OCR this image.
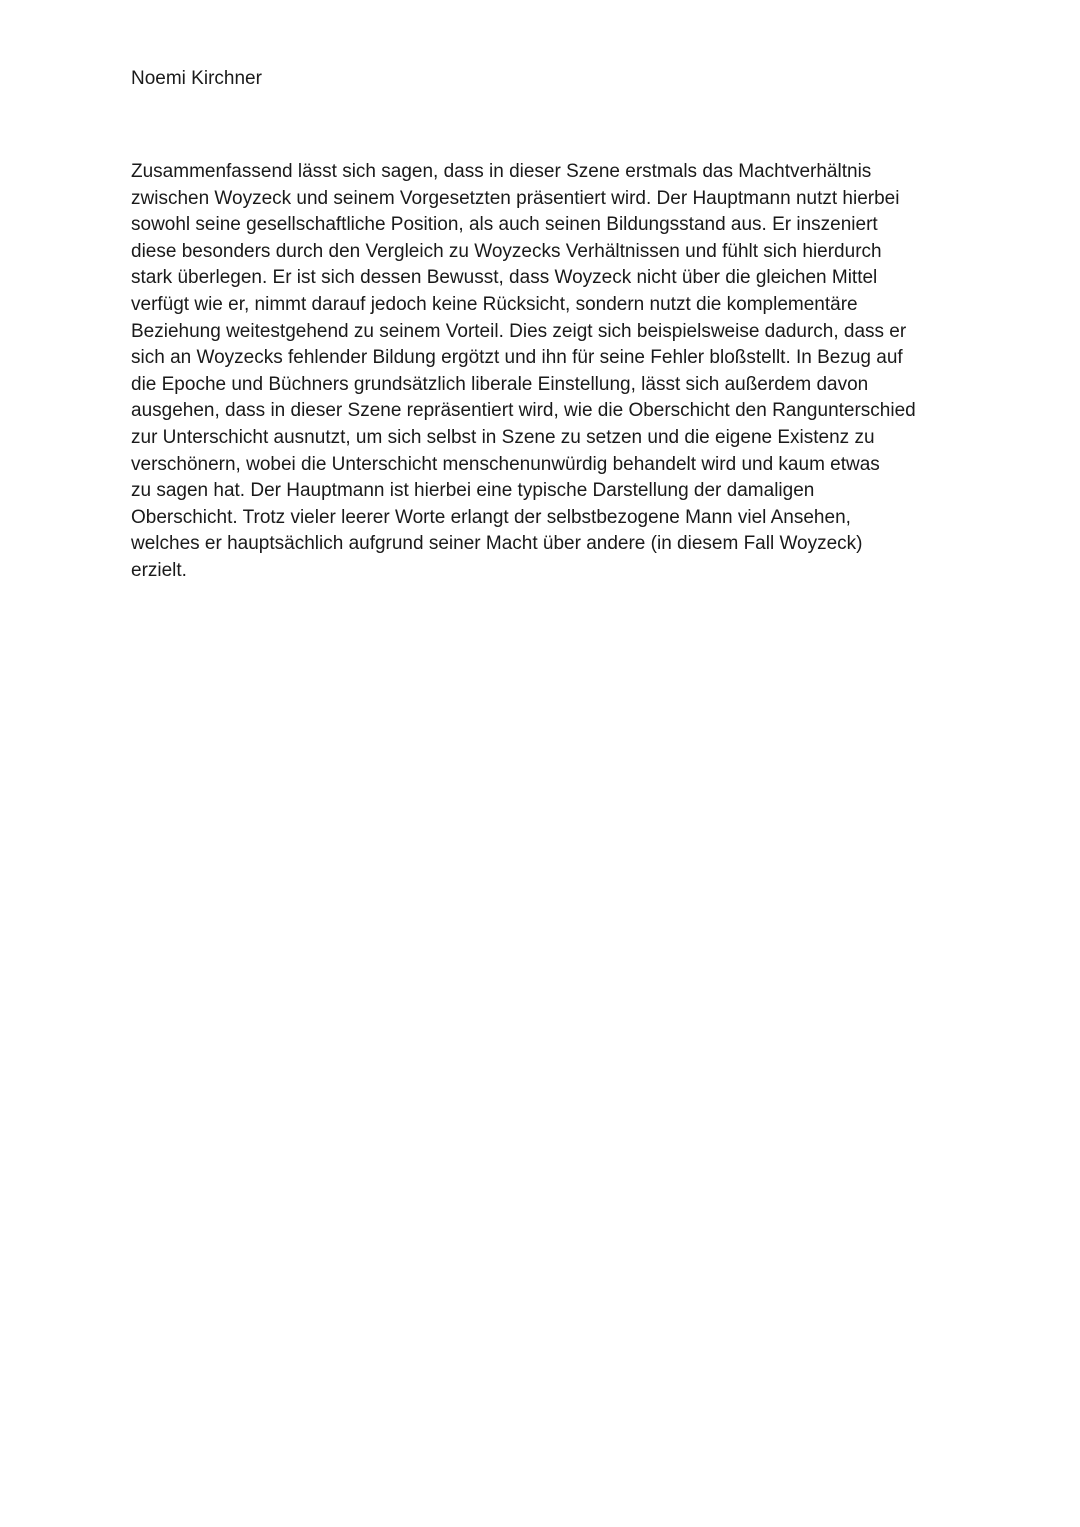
Noemi Kirchner
Zusammenfassend lässt sich sagen, dass in dieser Szene erstmals das Machtverhältnis
zwischen Woyzeck und seinem Vorgesetzten präsentiert wird. Der Hauptmann nutzt hierbei
sowohl seine gesellschaftliche Position, als auch seinen Bildungsstand aus. Er inszeniert
diese besonders durch den Vergleich zu Woyzecks Verhältnissen und fühlt sich hierdurch
stark überlegen. Er ist sich dessen Bewusst, dass Woyzeck nicht über die gleichen Mittel
verfügt wie er, nimmt darauf jedoch keine Rücksicht, sondern nutzt die komplementäre
Beziehung weitestgehend zu seinem Vorteil. Dies zeigt sich beispielsweise dadurch, dass er
sich an Woyzecks fehlender Bildung ergötzt und ihn für seine Fehler bloßstellt. In Bezug auf
die Epoche und Büchners grundsätzlich liberale Einstellung, lässt sich außerdem davon
ausgehen, dass in dieser Szene repräsentiert wird, wie die Oberschicht den Rangunterschied
zur Unterschicht ausnutzt, um sich selbst in Szene zu setzen und die eigene Existenz zu
verschönern, wobei die Unterschicht menschenunwürdig behandelt wird und kaum etwas
zu sagen hat. Der Hauptmann ist hierbei eine typische Darstellung der damaligen
Oberschicht. Trotz vieler leerer Worte erlangt der selbstbezogene Mann viel Ansehen,
welches er hauptsächlich aufgrund seiner Macht über andere (in diesem Fall Woyzeck)
erzielt.
